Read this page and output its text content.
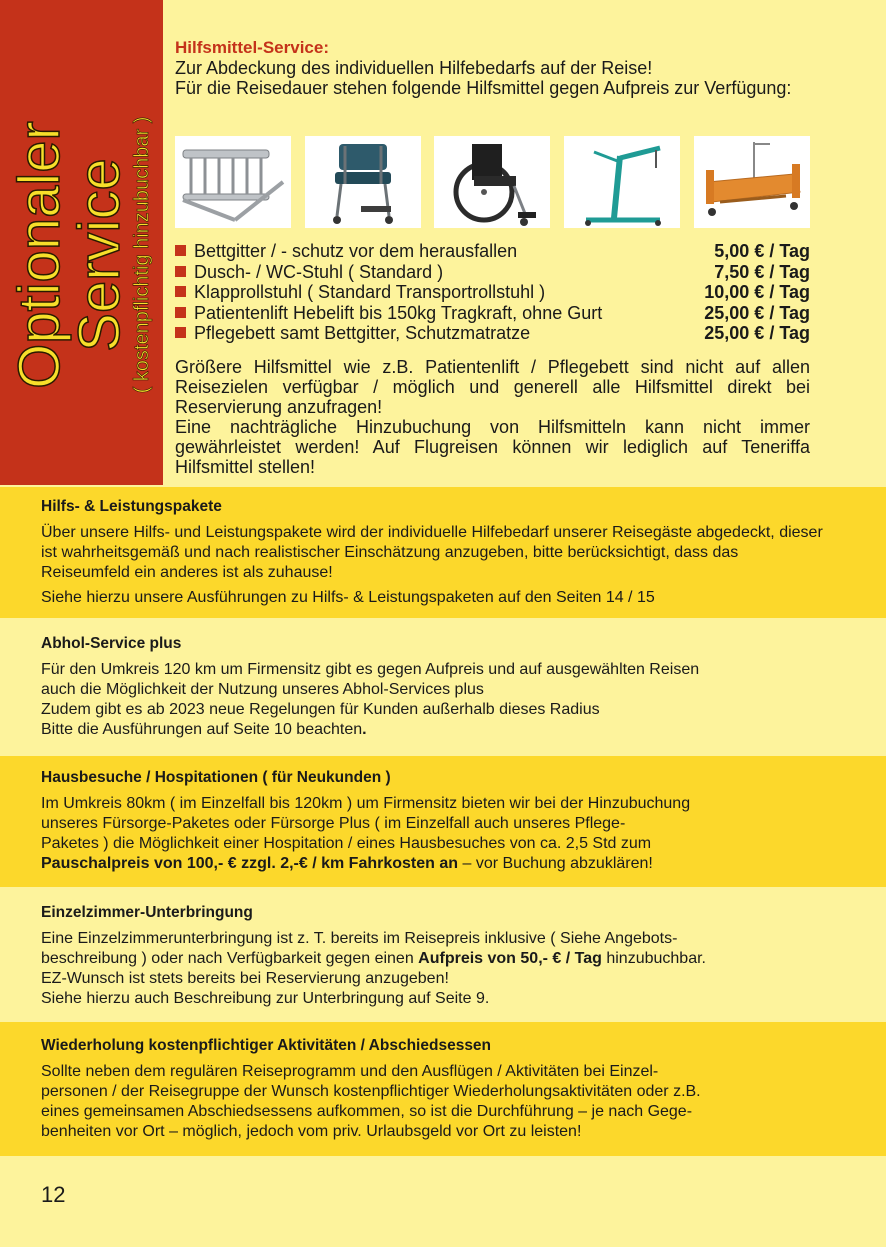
Optionaler Service ( kostenpflichtig hinzubuchbar )
Hilfsmittel-Service:

Zur Abdeckung des individuellen Hilfebedarfs auf der Reise!

Für die Reisedauer stehen folgende Hilfsmittel gegen Aufpreis zur Verfügung:

Bettgitter / - schutz vor dem herausfallen	5,00 € / Tag
Dusch- / WC-Stuhl ( Standard )	7,50 € / Tag
Klapprollstuhl ( Standard Transportrollstuhl )	10,00 € / Tag
Patientenlift Hebelift bis 150kg Tragkraft, ohne Gurt	25,00 € / Tag
Pflegebett samt Bettgitter, Schutzmatratze	25,00 € / Tag
Größere Hilfsmittel wie z.B. Patientenlift / Pflegebett sind nicht auf allen Reisezielen verfügbar / möglich und generell alle Hilfsmittel direkt bei Reservierung anzufragen!
Eine nachträgliche Hinzubuchung von Hilfsmitteln kann nicht immer gewährleistet werden! Auf Flugreisen können wir lediglich auf Teneriffa Hilfsmittel stellen!
Hilfs- & Leistungspakete

Über unsere Hilfs- und Leistungspakete wird der individuelle Hilfebedarf unserer Reisegäste abgedeckt, dieser ist wahrheitsgemäß und nach realistischer Einschätzung anzugeben, bitte berücksichtigt, dass das Reiseumfeld ein anderes ist als zuhause!

Siehe hierzu unsere Ausführungen zu Hilfs- & Leistungspaketen auf den Seiten 14 / 15

Abhol-Service plus

Für den Umkreis 120 km um Firmensitz gibt es gegen Aufpreis und auf ausgewählten Reisen

auch die Möglichkeit der Nutzung unseres Abhol-Services plus

Zudem gibt es ab 2023 neue Regelungen für Kunden außerhalb dieses Radius

Bitte die Ausführungen auf Seite 10 beachten.

Hausbesuche / Hospitationen ( für Neukunden )

Im Umkreis 80km ( im Einzelfall bis 120km ) um Firmensitz bieten wir bei der Hinzubuchung

unseres Fürsorge-Paketes oder Fürsorge Plus ( im Einzelfall auch unseres Pflege-

Paketes ) die Möglichkeit einer Hospitation / eines Hausbesuches von ca. 2,5 Std zum

Pauschalpreis von 100,- € zzgl. 2,-€ / km Fahrkosten an – vor Buchung abzuklären!

Einzelzimmer-Unterbringung

Eine Einzelzimmerunterbringung ist z. T. bereits im Reisepreis inklusive ( Siehe Angebots-

beschreibung ) oder nach Verfügbarkeit gegen einen Aufpreis von 50,- € / Tag hinzubuchbar.

EZ-Wunsch ist stets bereits bei Reservierung anzugeben!

Siehe hierzu auch Beschreibung zur Unterbringung auf Seite 9.

Wiederholung kostenpflichtiger Aktivitäten / Abschiedsessen

Sollte neben dem regulären Reiseprogramm und den Ausflügen / Aktivitäten bei Einzel-

personen / der Reisegruppe der Wunsch kostenpflichtiger Wiederholungsaktivitäten oder z.B.

eines gemeinsamen Abschiedsessens aufkommen, so ist die Durchführung – je nach Gege-

benheiten vor Ort – möglich, jedoch vom priv. Urlaubsgeld vor Ort zu leisten!

12
